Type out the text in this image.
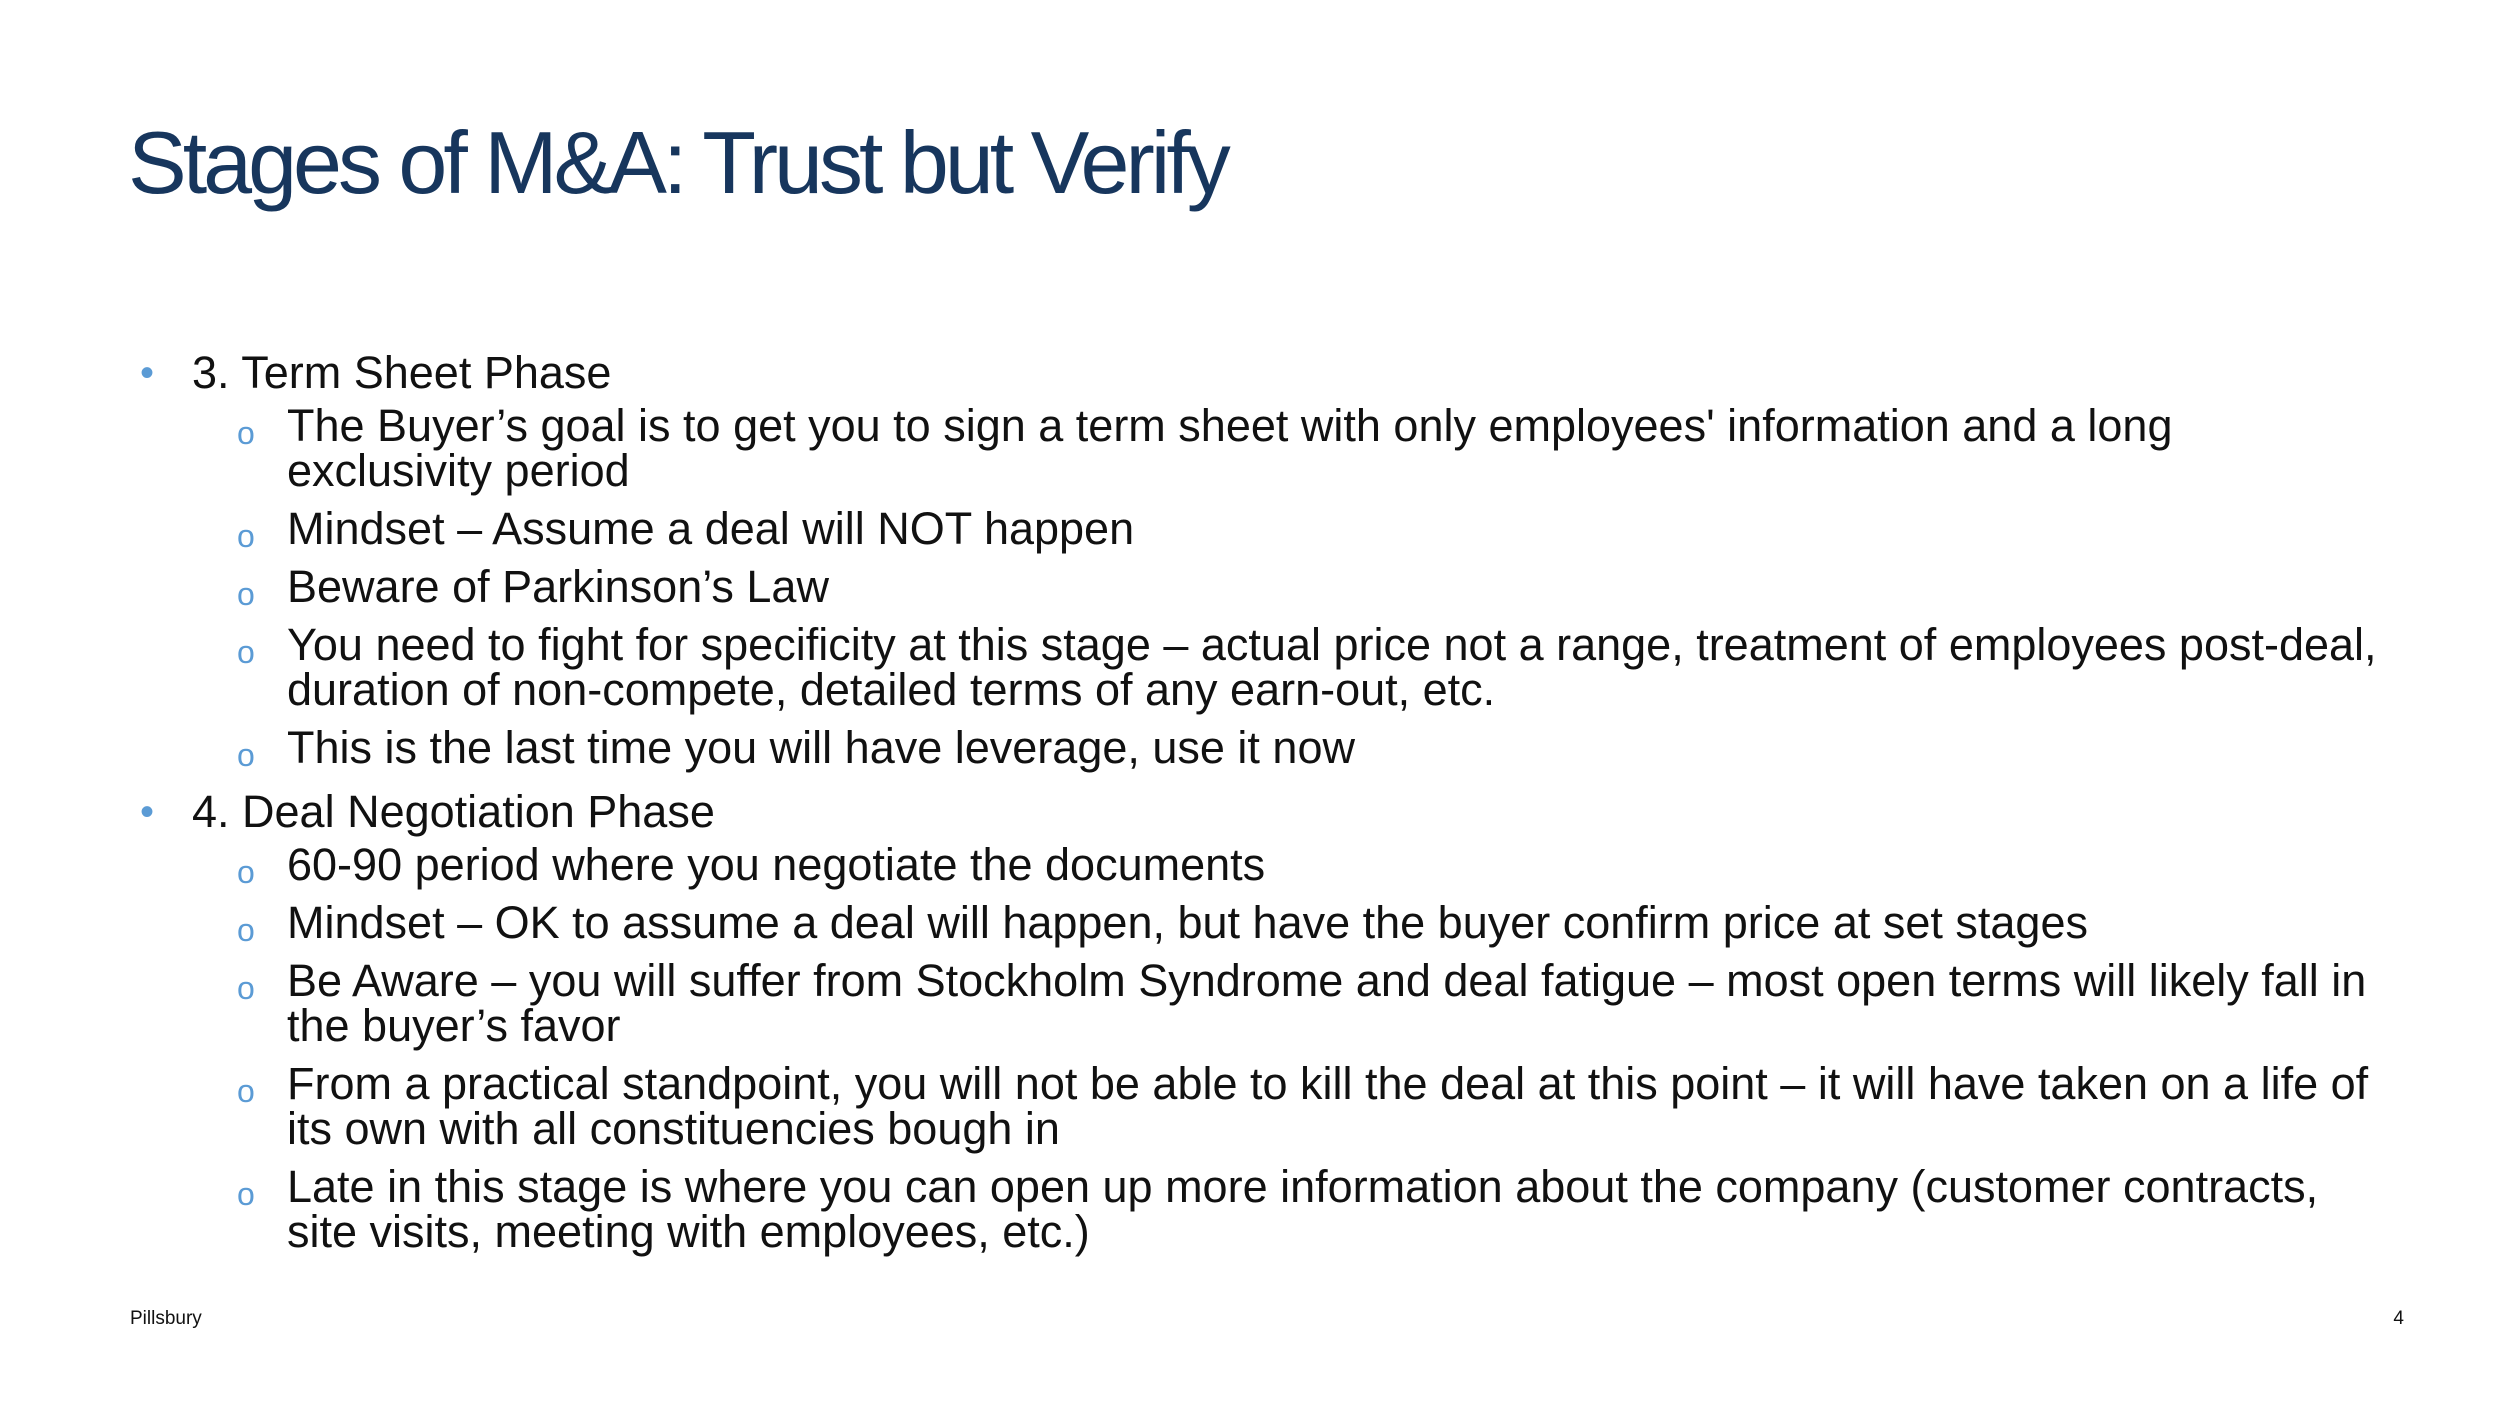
Stages of M&A: Trust but Verify
• 3. Term Sheet Phase
o The Buyer’s goal is to get you to sign a term sheet with only employees' information and a long exclusivity period
o Mindset – Assume a deal will NOT happen
o Beware of Parkinson’s Law
o You need to fight for specificity at this stage – actual price not a range, treatment of employees post-deal, duration of non-compete, detailed terms of any earn-out, etc.
o This is the last time you will have leverage, use it now
• 4. Deal Negotiation Phase
o 60-90 period where you negotiate the documents
o Mindset – OK to assume a deal will happen, but have the buyer confirm price at set stages
o Be Aware – you will suffer from Stockholm Syndrome and deal fatigue – most open terms will likely fall in the buyer’s favor
o From a practical standpoint, you will not be able to kill the deal at this point – it will have taken on a life of its own with all constituencies bough in
o Late in this stage is where you can open up more information about the company (customer contracts, site visits, meeting with employees, etc.)
Pillsbury	4
